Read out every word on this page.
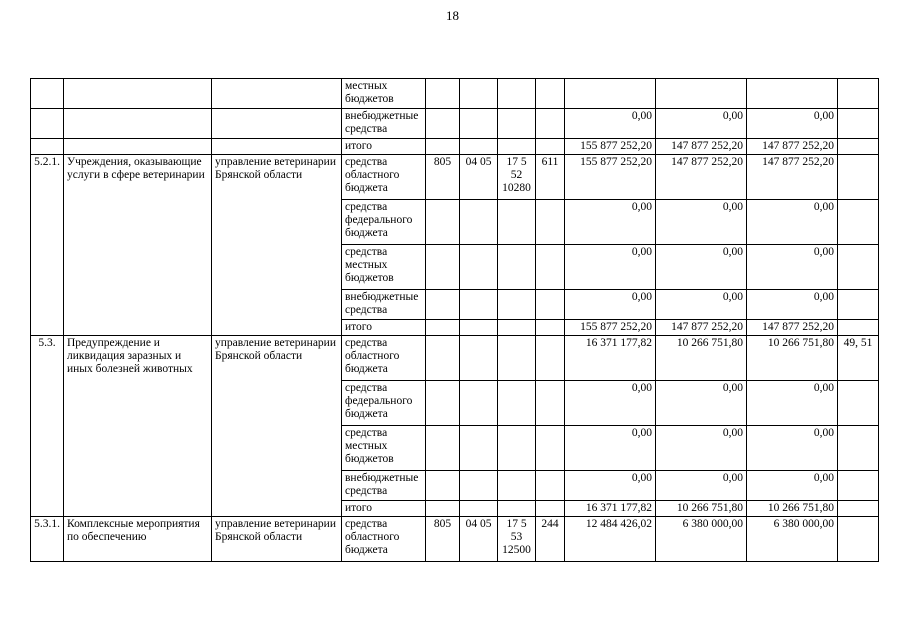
18
			местных бюджетов								
			внебюджетные средства					0,00	0,00	0,00	
			итого					155 877 252,20	147 877 252,20	147 877 252,20	
5.2.1.	Учреждения, оказывающие услуги в сфере ветеринарии	управление ветеринарии Брянской области	средства областного бюджета	805	04 05	17 5 52 10280	611	155 877 252,20	147 877 252,20	147 877 252,20	
			средства федерального бюджета					0,00	0,00	0,00	
			средства местных бюджетов					0,00	0,00	0,00	
			внебюджетные средства					0,00	0,00	0,00	
			итого					155 877 252,20	147 877 252,20	147 877 252,20	
5.3.	Предупреждение и ликвидация заразных и иных болезней животных	управление ветеринарии Брянской области	средства областного бюджета					16 371 177,82	10 266 751,80	10 266 751,80	49, 51
			средства федерального бюджета					0,00	0,00	0,00	
			средства местных бюджетов					0,00	0,00	0,00	
			внебюджетные средства					0,00	0,00	0,00	
			итого					16 371 177,82	10 266 751,80	10 266 751,80	
5.3.1.	Комплексные мероприятия по обеспечению	управление ветеринарии Брянской области	средства областного бюджета	805	04 05	17 5 53 12500	244	12 484 426,02	6 380 000,00	6 380 000,00	
